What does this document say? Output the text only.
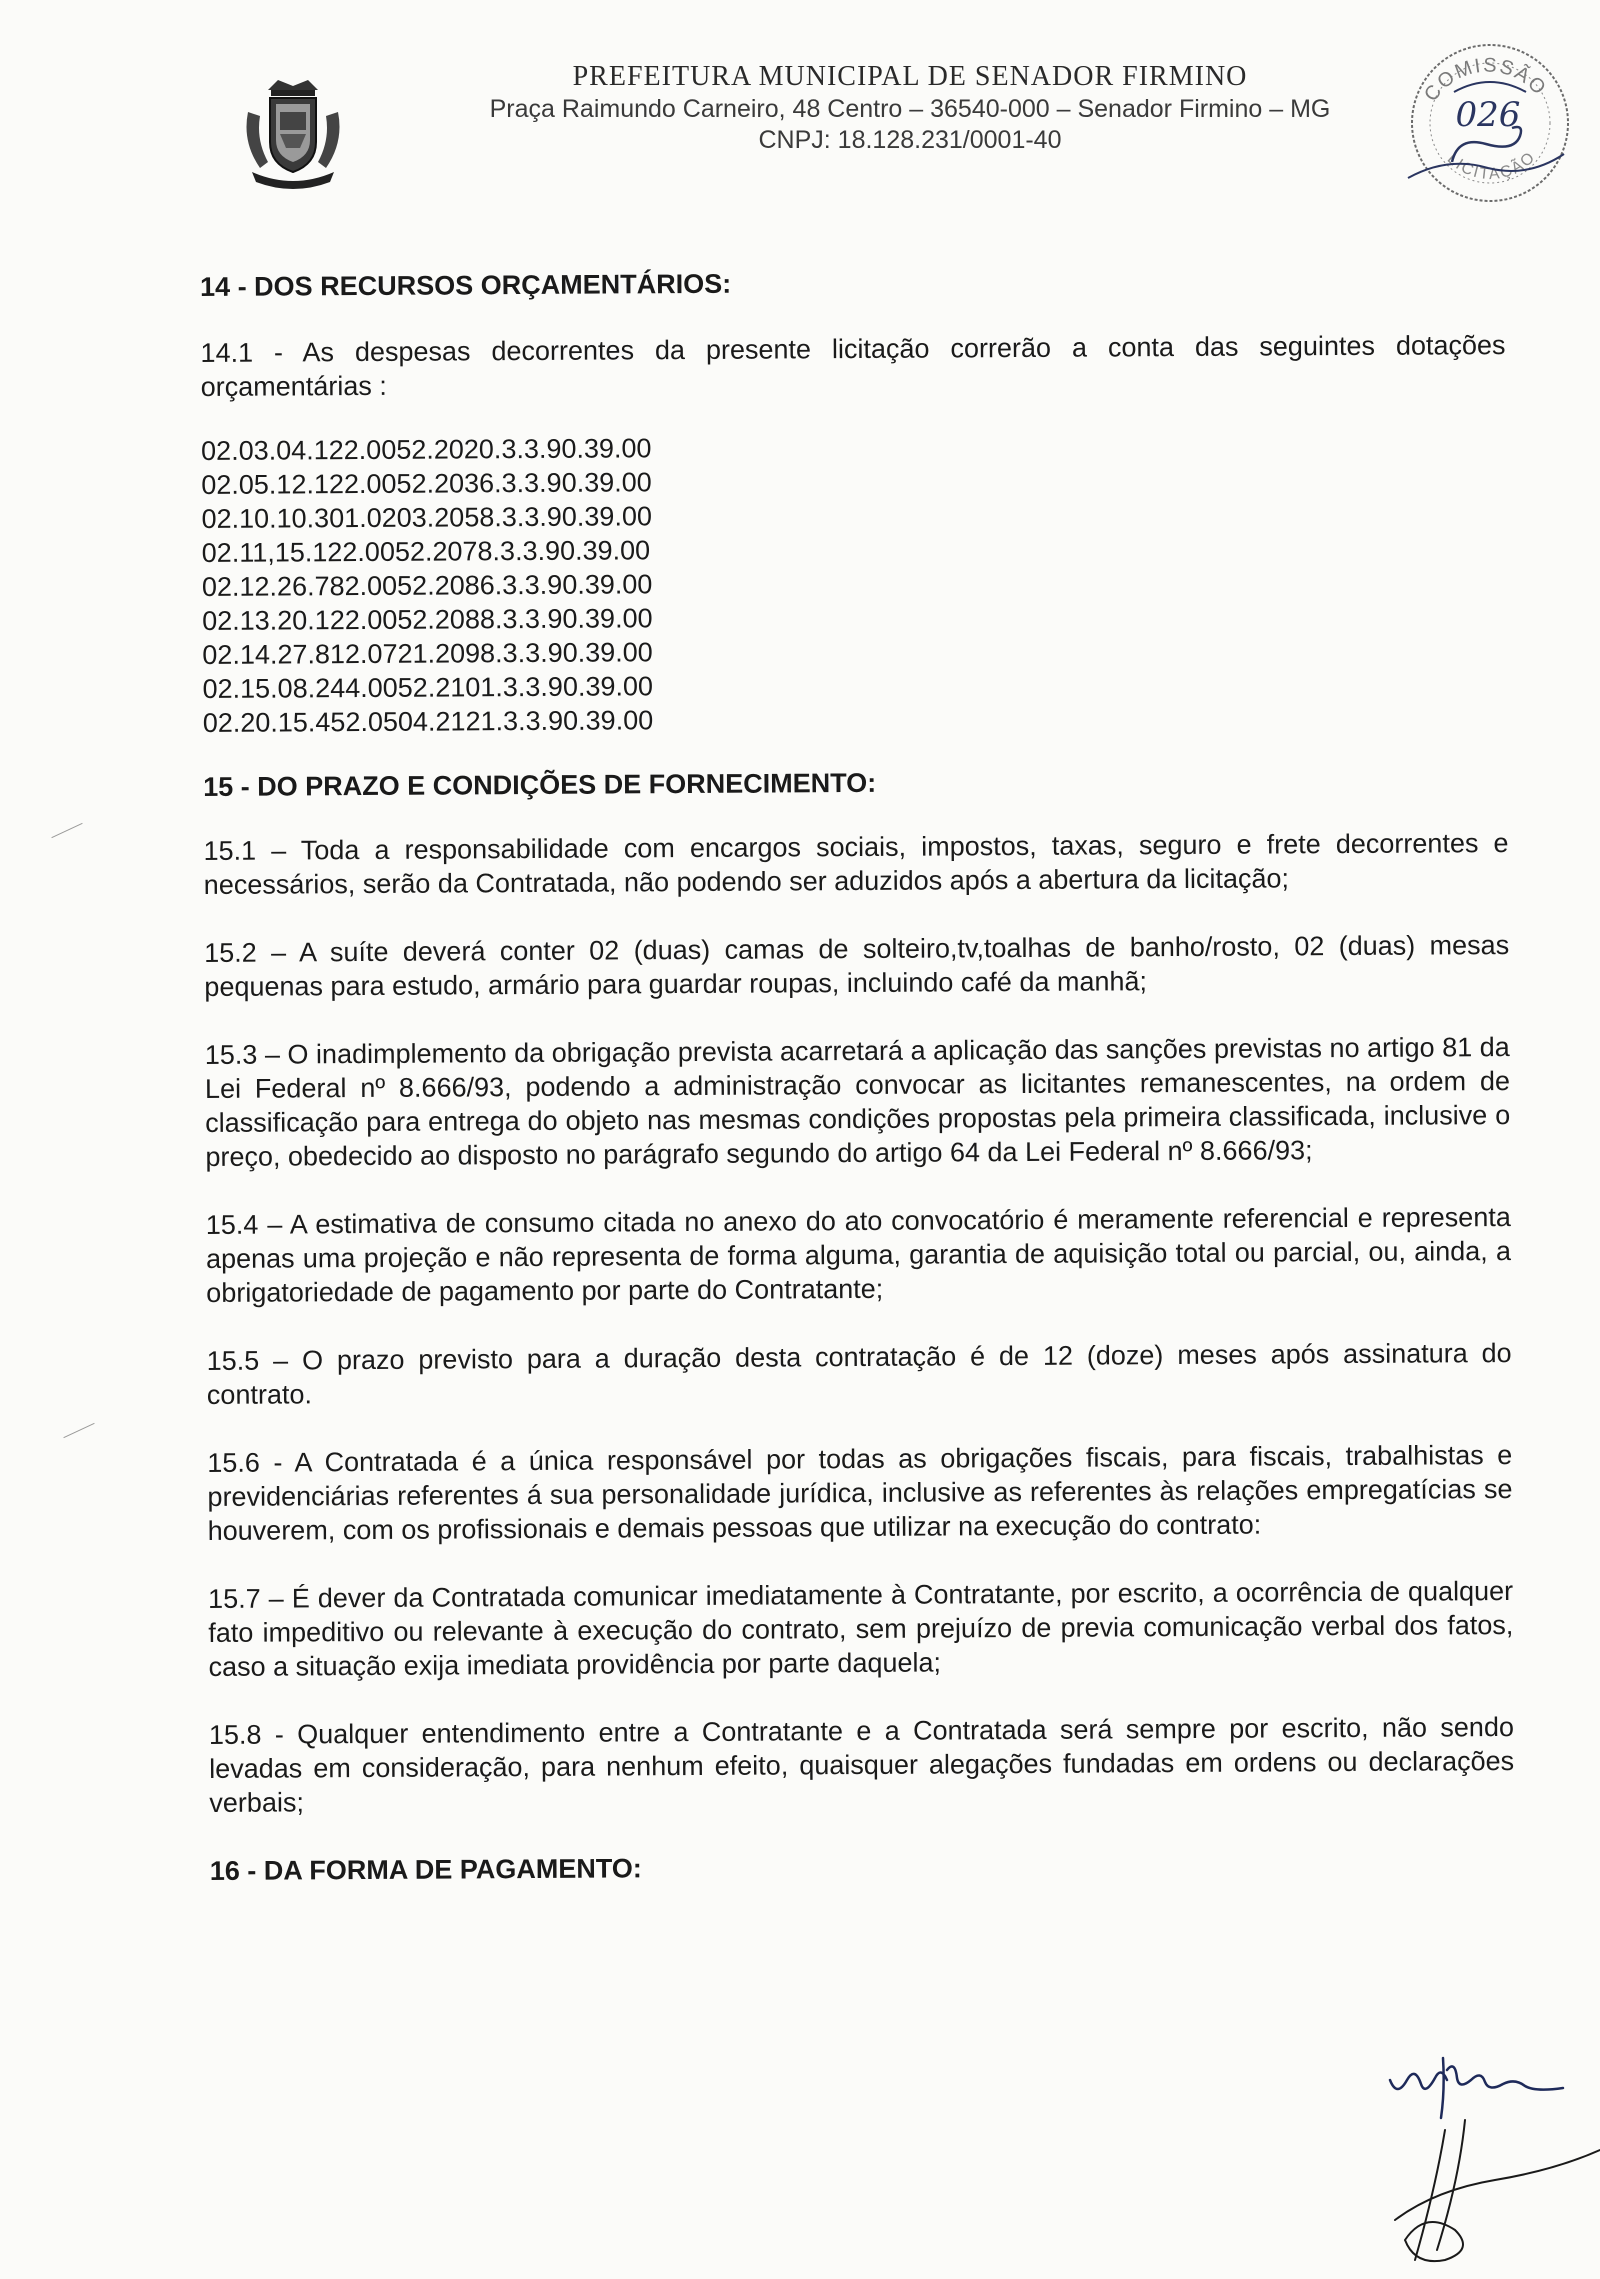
PREFEITURA MUNICIPAL DE SENADOR FIRMINO
Praça Raimundo Carneiro, 48 Centro – 36540-000 – Senador Firmino – MG
CNPJ: 18.128.231/0001-40
COMISSÃO
LICITAÇÃO
026
14 - DOS RECURSOS ORÇAMENTÁRIOS:

14.1 - As despesas decorrentes da presente licitação correrão a conta das seguintes dotações orçamentárias :

02.03.04.122.0052.2020.3.3.90.39.00
02.05.12.122.0052.2036.3.3.90.39.00
02.10.10.301.0203.2058.3.3.90.39.00
02.11,15.122.0052.2078.3.3.90.39.00
02.12.26.782.0052.2086.3.3.90.39.00
02.13.20.122.0052.2088.3.3.90.39.00
02.14.27.812.0721.2098.3.3.90.39.00
02.15.08.244.0052.2101.3.3.90.39.00
02.20.15.452.0504.2121.3.3.90.39.00
15 - DO PRAZO E CONDIÇÕES DE FORNECIMENTO:

15.1 – Toda a responsabilidade com encargos sociais, impostos, taxas, seguro e frete decorrentes e necessários, serão da Contratada, não podendo ser aduzidos após a abertura da licitação;

15.2 – A suíte deverá conter 02 (duas) camas de solteiro,tv,toalhas de banho/rosto, 02 (duas) mesas pequenas para estudo, armário para guardar roupas, incluindo café da manhã;

15.3 – O inadimplemento da obrigação prevista acarretará a aplicação das sanções previstas no artigo 81 da Lei Federal nº 8.666/93, podendo a administração convocar as licitantes remanescentes, na ordem de classificação para entrega do objeto nas mesmas condições propostas pela primeira classificada, inclusive o preço, obedecido ao disposto no parágrafo segundo do artigo 64 da Lei Federal nº 8.666/93;

15.4 – A estimativa de consumo citada no anexo do ato convocatório é meramente referencial e representa apenas uma projeção e não representa de forma alguma, garantia de aquisição total ou parcial, ou, ainda, a obrigatoriedade de pagamento por parte do Contratante;

15.5 – O prazo previsto para a duração desta contratação é de 12 (doze) meses após assinatura do contrato.

15.6 - A Contratada é a única responsável por todas as obrigações fiscais, para fiscais, trabalhistas e previdenciárias referentes á sua personalidade jurídica, inclusive as referentes às relações empregatícias se houverem, com os profissionais e demais pessoas que utilizar na execução do contrato:

15.7 – É dever da Contratada comunicar imediatamente à Contratante, por escrito, a ocorrência de qualquer fato impeditivo ou relevante à execução do contrato, sem prejuízo de previa comunicação verbal dos fatos, caso a situação exija imediata providência por parte daquela;

15.8 - Qualquer entendimento entre a Contratante e a Contratada será sempre por escrito, não sendo levadas em consideração, para nenhum efeito, quaisquer alegações fundadas em ordens ou declarações verbais;

16 - DA FORMA DE PAGAMENTO:
